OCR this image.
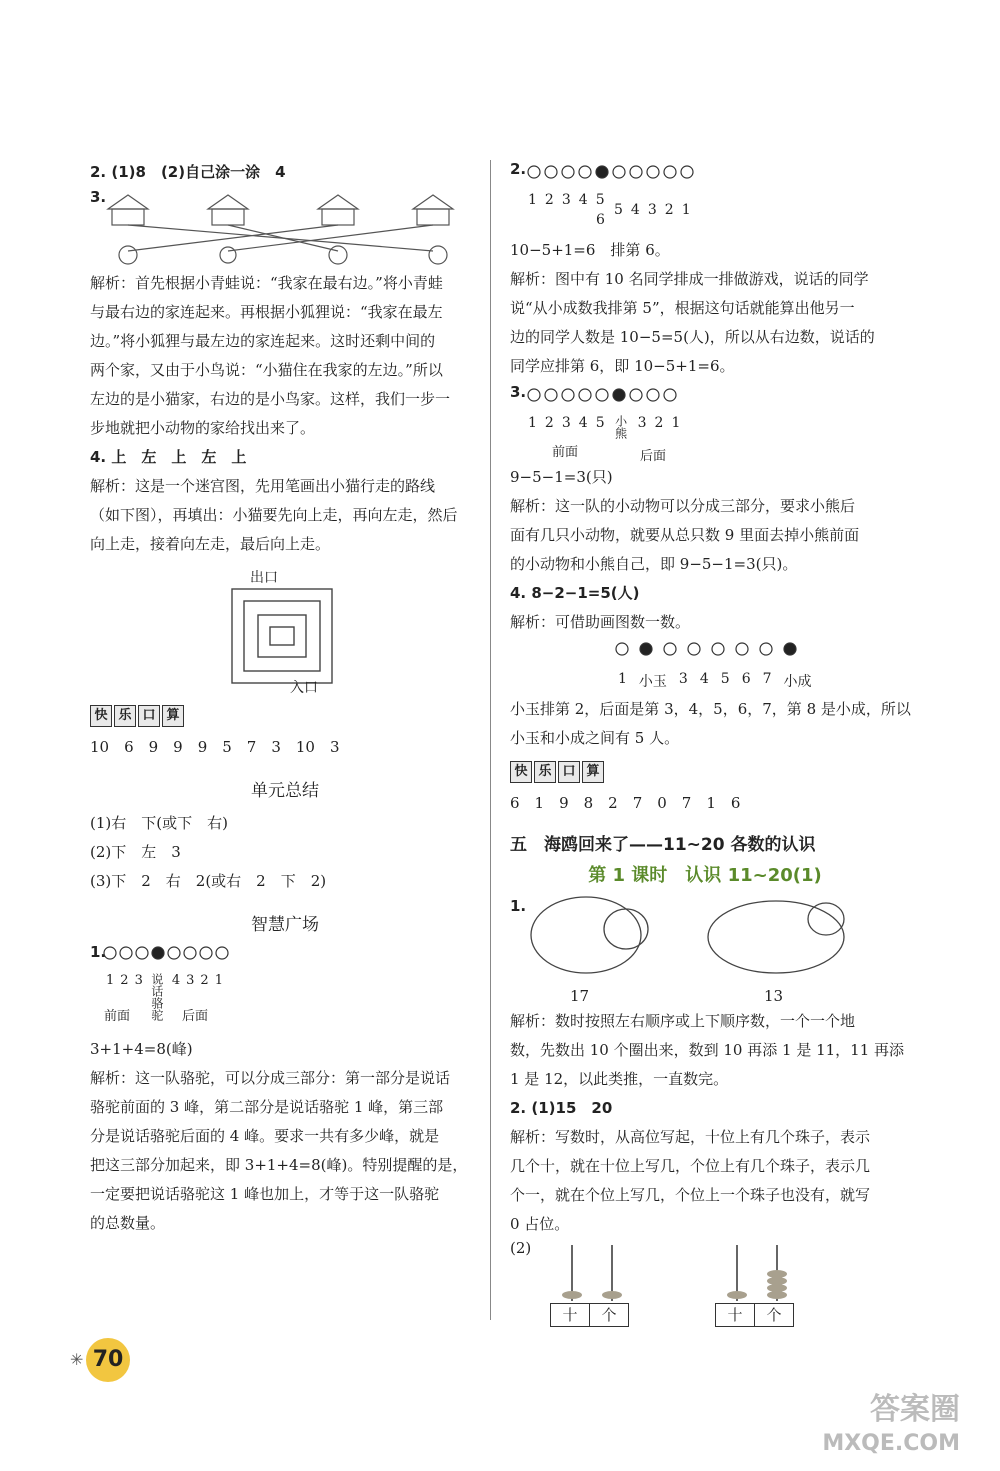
2. (1)8　(2)自己涂一涂　4
3.
解析：首先根据小青蛙说：“我家在最右边。”将小青蛙
与最右边的家连起来。再根据小狐狸说：“我家在最左
边。”将小狐狸与最左边的家连起来。这时还剩中间的
两个家，又由于小鸟说：“小猫住在我家的左边。”所以
左边的是小猫家，右边的是小鸟家。这样，我们一步一
步地就把小动物的家给找出来了。
4. 上　左　上　左　上
解析：这是一个迷宫图，先用笔画出小猫行走的路线
（如下图），再填出：小猫要先向上走，再向左走，然后
向上走，接着向左走，最后向上走。
出口
入口
快 乐 口 算
10　6　9　9　9　5　7　3　10　3
单元总结
(1)右　下(或下　右)
(2)下　左　3
(3)下　2　右　2(或右　2　下　2)
智慧广场
1.
1 2 3 说话骆驼 4 3 2 1
前面	后面
3+1+4=8(峰)
解析：这一队骆驼，可以分成三部分：第一部分是说话
骆驼前面的 3 峰，第二部分是说话骆驼 1 峰，第三部
分是说话骆驼后面的 4 峰。要求一共有多少峰，就是
把这三部分加起来，即 3+1+4=8(峰)。特别提醒的是，
一定要把说话骆驼这 1 峰也加上，才等于这一队骆驼
的总数量。
2.
1 2 3 4 5
6
5 4 3 2 1
10−5+1=6　排第 6。
解析：图中有 10 名同学排成一排做游戏，说话的同学
说“从小成数我排第 5”，根据这句话就能算出他另一
边的同学人数是 10−5=5(人)，所以从右边数，说话的
同学应排第 6，即 10−5+1=6。
3.
1 2 3 4 5 小熊 3 2 1
前面	后面
9−5−1=3(只)
解析：这一队的小动物可以分成三部分，要求小熊后
面有几只小动物，就要从总只数 9 里面去掉小熊前面
的小动物和小熊自己，即 9−5−1=3(只)。
4. 8−2−1=5(人)
解析：可借助画图数一数。
1 小玉 3 4 5 6 7 小成
小玉排第 2，后面是第 3，4，5，6，7，第 8 是小成，所以
小玉和小成之间有 5 人。
快 乐 口 算
6　1　9　8　2　7　0　7　1　6
五　海鸥回来了——11~20 各数的认识
第 1 课时　认识 11~20(1)
1.
17	13
解析：数时按照左右顺序或上下顺序数，一个一个地
数，先数出 10 个圈出来，数到 10 再添 1 是 11，11 再添
1 是 12，以此类推，一直数完。
2. (1)15　20
解析：写数时，从高位写起，十位上有几个珠子，表示
几个十，就在十位上写几，个位上有几个珠子，表示几
个一，就在个位上写几，个位上一个珠子也没有，就写
0 占位。
(2)
十	个	十	个
✳ 70
答案圈
MXQE.COM
